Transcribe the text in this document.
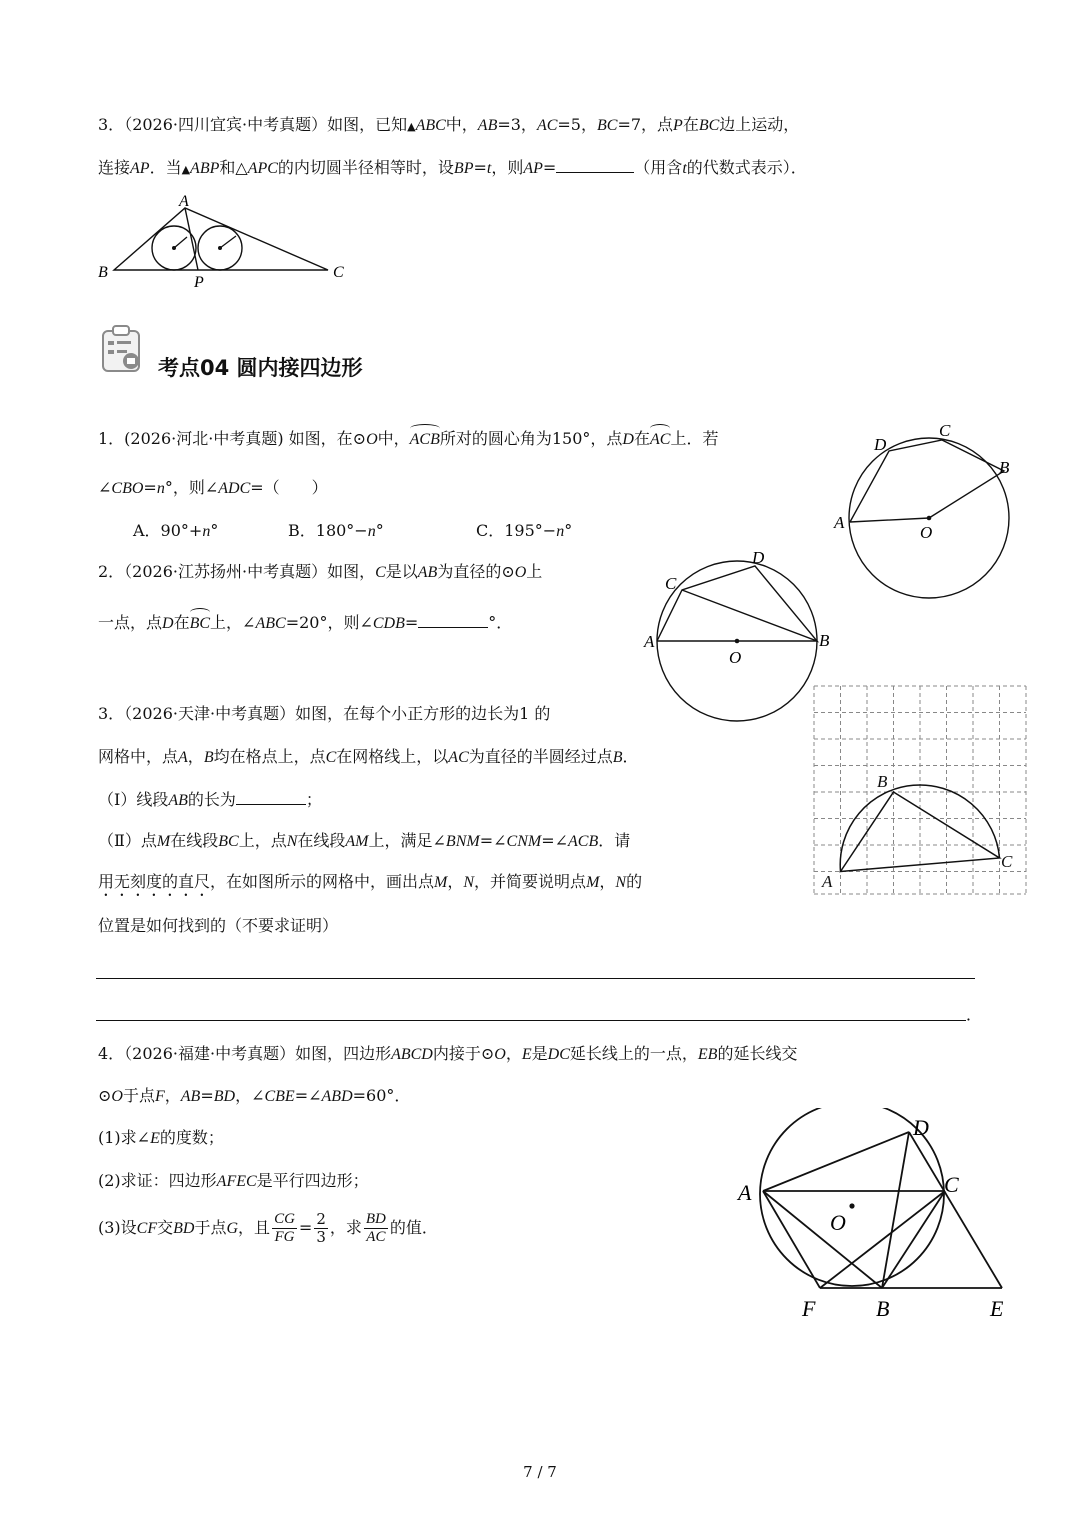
3．（2026·四川宜宾·中考真题）如图，已知▲ABC中，AB=3，AC=5，BC=7，点P在BC边上运动，
连接AP．当▲ABP和△APC的内切圆半径相等时，设BP=t，则AP=	（用含t的代数式表示）．
A
B	C
P
考点04 圆内接四边形
1．(2026·河北·中考真题) 如图，在⊙O中，ACB所对的圆心角为150°，点D在AC上．若
∠CBO=n°，则∠ADC=（　　）
A．90°+n°	B．180°−n°	C．195°−n°	A
B
C
D
O
2．（2026·江苏扬州·中考真题）如图，C是以AB为直径的⊙O上
一点，点D在BC上，∠ABC=20°，则∠CDB=	°．
A	B
C
D
O
3．（2026·天津·中考真题）如图，在每个小正方形的边长为1 的
网格中，点A，B均在格点上，点C在网格线上，以AC为直径的半圆经过点B．
（Ⅰ）线段AB的长为	；
（Ⅱ）点M在线段BC上，点N在线段AM上，满足∠BNM=∠CNM=∠ACB．请
用无刻度的直尺，在如图所示的网格中，画出点M，N，并简要说明点M，N的
位置是如何找到的（不要求证明）
．
A
B
C
4．（2026·福建·中考真题）如图，四边形ABCD内接于⊙O，E是DC延长线上的一点，EB的延长线交
⊙O于点F，AB=BD，∠CBE=∠ABD=60°．
(1)求∠E的度数；
(2)求证：四边形AFEC是平行四边形；
(3)设CF交BD于点G，且 $\frac{CG}{FG} = \frac{2}{3}$ ，求 $\frac{BD}{AC}$ 的值．
A
B
C
D
E
F
O
7 / 7
